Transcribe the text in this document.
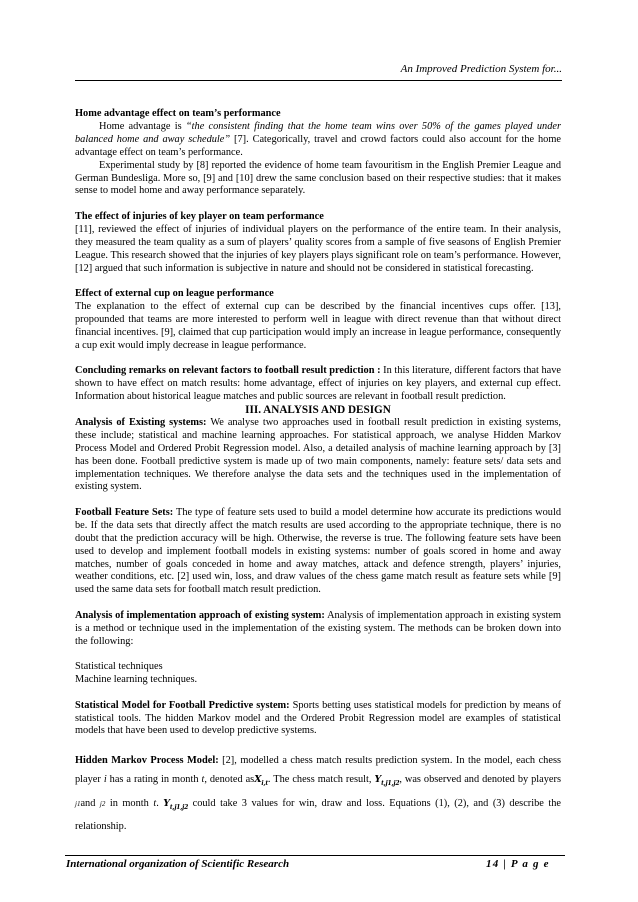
An Improved Prediction System for...

Home advantage effect on team’s performance

Home advantage is “the consistent finding that the home team wins over 50% of the games played under balanced home and away schedule” [7]. Categorically, travel and crowd factors could also account for the home advantage effect on team’s performance.

Experimental study by [8] reported the evidence of home team favouritism in the English Premier League and German Bundesliga. More so, [9] and [10] drew the same conclusion based on their respective studies: that it makes sense to model home and away performance separately.

The effect of injuries of key player on team performance

[11], reviewed the effect of injuries of individual players on the performance of the entire team. In their analysis, they measured the team quality as a sum of players’ quality scores from a sample of five seasons of English Premier League. This research showed that the injuries of key players plays significant role on team’s performance. However, [12] argued that such information is subjective in nature and should not be considered in statistical forecasting.

Effect of external cup on league performance

The explanation to the effect of external cup can be described by the financial incentives cups offer. [13], propounded that teams are more interested to perform well in league with direct revenue than that without direct financial incentives. [9], claimed that cup participation would imply an increase in league performance, consequently a cup exit would imply decrease in league performance.

Concluding remarks on relevant factors to football result prediction : In this literature, different factors that have shown to have effect on match results: home advantage, effect of injuries on key players, and external cup effect. Information about historical league matches and public sources are relevant in football result prediction.

III. ANALYSIS AND DESIGN

Analysis of Existing systems: We analyse two approaches used in football result prediction in existing systems, these include; statistical and machine learning approaches. For statistical approach, we analyse Hidden Markov Process Model and Ordered Probit Regression model. Also, a detailed analysis of machine learning approach by [3] has been done. Football predictive system is made up of two main components, namely: feature sets/ data sets and implementation techniques. We therefore analyse the data sets and the techniques used in the implementation of existing system.

Football Feature Sets: The type of feature sets used to build a model determine how accurate its predictions would be. If the data sets that directly affect the match results are used according to the appropriate technique, there is no doubt that the prediction accuracy will be high. Otherwise, the reverse is true. The following feature sets have been used to develop and implement football models in existing systems: number of goals scored in home and away matches, number of goals conceded in home and away matches, attack and defence strength, players’ injuries, weather conditions, etc. [2] used win, loss, and draw values of the chess game match result as feature sets while [9] used the same data sets for football match result prediction.

Analysis of implementation approach of existing system: Analysis of implementation approach in existing system is a method or technique used in the implementation of the existing system. The methods can be broken down into the following:

Statistical techniques

Machine learning techniques.

Statistical Model for Football Predictive system: Sports betting uses statistical models for prediction by means of statistical tools. The hidden Markov model and the Ordered Probit Regression model are examples of statistical models that have been used to develop predictive systems.

Hidden Markov Process Model: [2], modelled a chess match results prediction system. In the model, each chess player i has a rating in month t, denoted asX$_{i,t}$. The chess match result, $Y_{t,j1,j2}$, was observed and denoted by players j1and j2 in month t. $Y_{t,j1,j2}$ could take 3 values for win, draw and loss. Equations (1), (2), and (3) describe the relationship.

International organization of Scientific Research	14 | P a g e
